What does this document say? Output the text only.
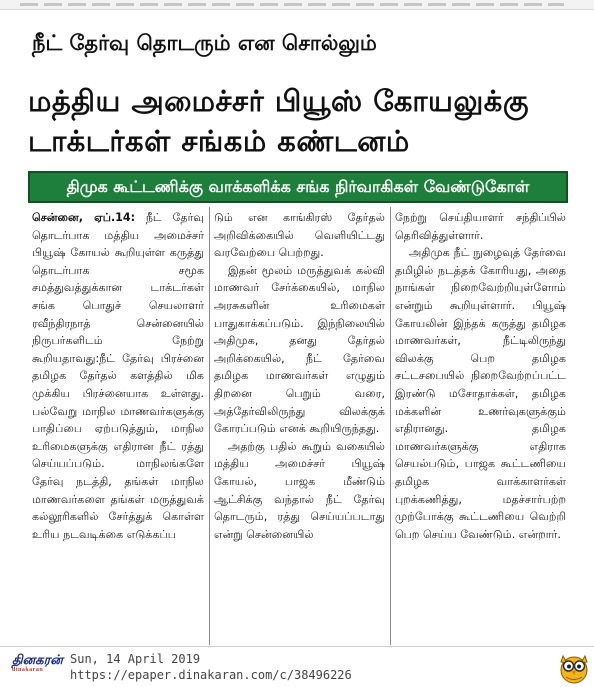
நீட் தேர்வு தொடரும் என சொல்லும்
மத்திய அமைச்சர் பியூஸ் கோயலுக்கு
டாக்டர்கள் சங்கம் கண்டனம்
திமுக கூட்டணிக்கு வாக்களிக்க சங்க நிர்வாகிகள் வேண்டுகோள்

சென்னை, ஏப்.14: நீட் தேர்வு தொடர்பாக மத்திய அமைச்சர் பியூஷ் கோயல் கூறியுள்ள கருத்து தொடர்பாக சமூக சமத்துவத்துக்கான டாக்டர்கள் சங்க பொதுச் செயலாளர் ரவீந்திரநாத் சென்னையில் நிருபர்களிடம் நேற்று கூறியதாவது:நீட் தேர்வு பிரச்னை தமிழக தேர்தல் களத்தில் மிக முக்கிய பிரச்னையாக உள்ளது. பல்வேறு மாநில மாணவர்களுக்கு பாதிப்பை ஏற்படுத்தும், மாநில உரிமைகளுக்கு எதிரான நீட் ரத்து செய்யப்படும். மாநிலங்களே தேர்வு நடத்தி, தங்கள் மாநில மாணவர்களை தங்கள் மருத்துவக் கல்லூரிகளில் சேர்த்துக் கொள்ள உரிய நடவடிக்கை எடுக்கப்ப

டும் என காங்கிரஸ் தேர்தல் அறிவிக்கையில் வெளியிட்டது வரவேற்பை பெற்றது.

இதன் மூலம் மருத்துவக் கல்வி மாணவர் சேர்க்கையில், மாநில அரசுகளின் உரிமைகள் பாதுகாக்கப்படும். இந்நிலையில் அதிமுக, தனது தேர்தல் அறிக்கையில், நீட் தேர்வை தமிழக மாணவர்கள் எழுதும் திறனை பெறும் வரை, அத்தேர்விலிருந்து விலக்குக் கோரப்படும் எனக் கூறியிருந்தது.

அதற்கு பதில் கூறும் வகையில் மத்திய அமைச்சர் பியூஷ் கோயல், பாஜக மீண்டும் ஆட்சிக்கு வந்தால் நீட் தேர்வு தொடரும், ரத்து செய்யப்படாது என்று சென்னையில்

நேற்று செய்தியாளர் சந்திப்பில் தெரிவித்துள்ளார்.

அதிமுக நீட் நுழைவுத் தேர்வை தமிழில் நடத்தக் கோரியது, அதை நாங்கள் நிறைவேற்றியுள்ளோம் என்றும் கூறியுள்ளார். பியூஷ் கோயலின் இந்தக் கருத்து தமிழக மாணவர்கள், நீட்டிலிருந்து விலக்கு பெற தமிழக சட்டசபையில் நிறைவேற்றப்பட்ட இரண்டு மசோதாக்கள், தமிழக மக்களின் உணர்வுகளுக்கும் எதிரானது. தமிழக மாணவர்களுக்கு எதிராக செயல்படும், பாஜக கூட்டணியை தமிழக வாக்காளர்கள் புறக்கணித்து, மதச்சார்பற்ற முற்போக்கு கூட்டணியை வெற்றி பெற செய்ய வேண்டும். என்றார்.

தினகரன்
dinakaran
Sun, 14 April 2019
https://epaper.dinakaran.com/c/38496226
